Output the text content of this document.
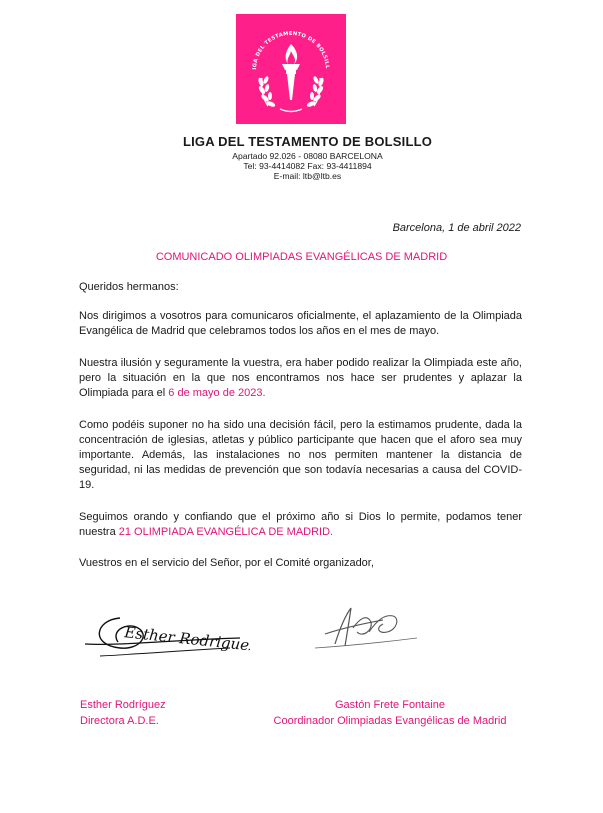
IGA DEL TESTAMENTO DE BOLSILL
LIGA DEL TESTAMENTO DE BOLSILLO
Apartado 92.026 - 08080 BARCELONA
Tel: 93-4414082 Fax: 93-4411894
E-mail: ltb@ltb.es
Barcelona, 1 de abril 2022
COMUNICADO OLIMPIADAS EVANGÉLICAS DE MADRID
Queridos hermanos:
Nos dirigimos a vosotros para comunicaros oficialmente, el aplazamiento de la Olimpiada Evangélica de Madrid que celebramos todos los años en el mes de mayo.
Nuestra ilusión y seguramente la vuestra, era haber podido realizar la Olimpiada este año, pero la situación en la que nos encontramos nos hace ser prudentes y aplazar la Olimpiada para el 6 de mayo de 2023.
Como podéis suponer no ha sido una decisión fácil, pero la estimamos prudente, dada la concentración de iglesias, atletas y público participante que hacen que el aforo sea muy importante. Además, las instalaciones no nos permiten mantener la distancia de seguridad, ni las medidas de prevención que son todavía necesarias a causa del COVID-19.
Seguimos orando y confiando que el próximo año si Dios lo permite, podamos tener nuestra 21 OLIMPIADA EVANGÉLICA DE MADRID.
Vuestros en el servicio del Señor, por el Comité organizador,
Esther Rodriguez
Esther Rodríguez
Directora A.D.E.
Gastón Frete Fontaine
Coordinador Olimpiadas Evangélicas de Madrid
